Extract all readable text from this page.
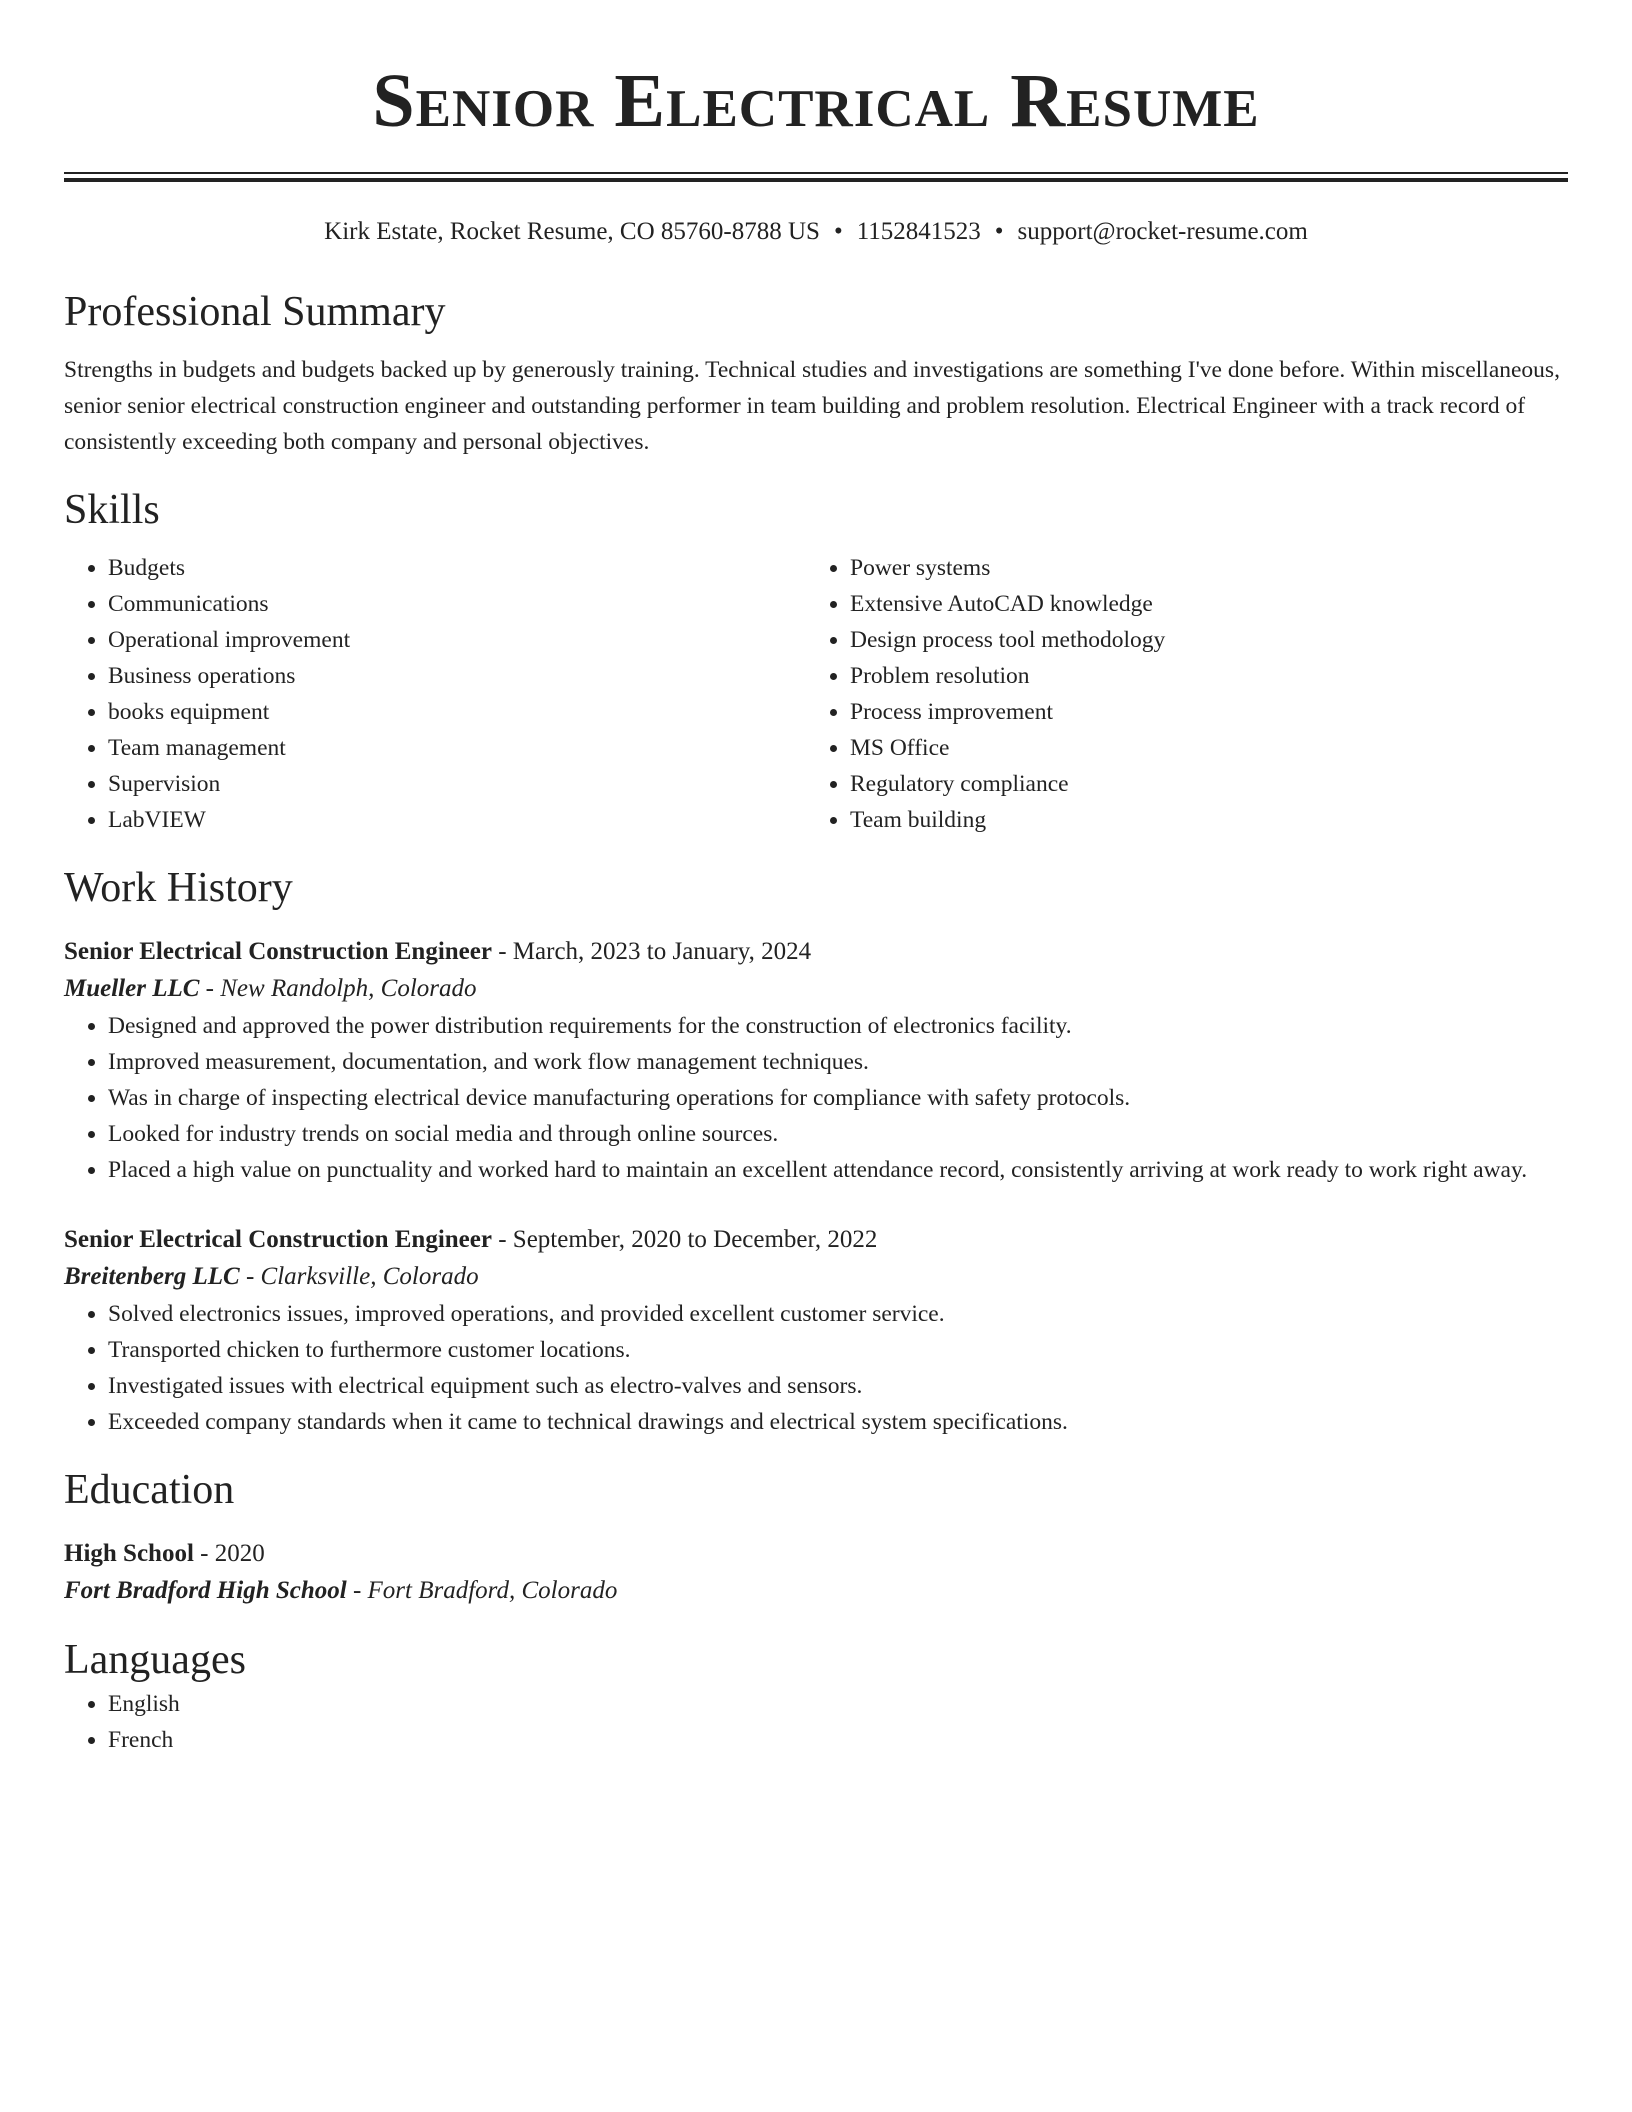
Senior Electrical Resume
Kirk Estate, Rocket Resume, CO 85760-8788 US • 1152841523 • support@rocket-resume.com
Professional Summary

Strengths in budgets and budgets backed up by generously training. Technical studies and investigations are something I've done before. Within miscellaneous, senior senior electrical construction engineer and outstanding performer in team building and problem resolution. Electrical Engineer with a track record of consistently exceeding both company and personal objectives.

Skills
• Budgets
• Communications
• Operational improvement
• Business operations
• books equipment
• Team management
• Supervision
• LabVIEW
• Power systems
• Extensive AutoCAD knowledge
• Design process tool methodology
• Problem resolution
• Process improvement
• MS Office
• Regulatory compliance
• Team building
Work History
Senior Electrical Construction Engineer - March, 2023 to January, 2024
Mueller LLC - New Randolph, Colorado
• Designed and approved the power distribution requirements for the construction of electronics facility.
• Improved measurement, documentation, and work flow management techniques.
• Was in charge of inspecting electrical device manufacturing operations for compliance with safety protocols.
• Looked for industry trends on social media and through online sources.
• Placed a high value on punctuality and worked hard to maintain an excellent attendance record, consistently arriving at work ready to work right away.
Senior Electrical Construction Engineer - September, 2020 to December, 2022
Breitenberg LLC - Clarksville, Colorado
• Solved electronics issues, improved operations, and provided excellent customer service.
• Transported chicken to furthermore customer locations.
• Investigated issues with electrical equipment such as electro-valves and sensors.
• Exceeded company standards when it came to technical drawings and electrical system specifications.
Education
High School - 2020
Fort Bradford High School - Fort Bradford, Colorado
Languages
• English
• French
